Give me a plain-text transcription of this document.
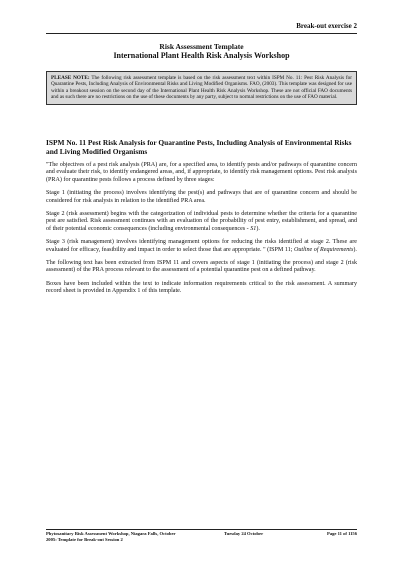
Break-out exercise 2
Risk Assessment Template
International Plant Health Risk Analysis Workshop
PLEASE NOTE: The following risk assessment template is based on the risk assessment text within ISPM No. 11: Pest Risk Analysis for Quarantine Pests, Including Analysis of Environmental Risks and Living Modified Organisms. FAO, (2003). This template was designed for use within a breakout session on the second day of the International Plant Health Risk Analysis Workshop. These are not official FAO documents and as such there are no restrictions on the use of these documents by any party, subject to normal restrictions on the use of FAO material.
ISPM No. 11 Pest Risk Analysis for Quarantine Pests, Including Analysis of Environmental Risks and Living Modified Organisms

"The objectives of a pest risk analysis (PRA) are, for a specified area, to identify pests and/or pathways of quarantine concern and evaluate their risk, to identify endangered areas, and, if appropriate, to identify risk management options. Pest risk analysis (PRA) for quarantine pests follows a process defined by three stages:

Stage 1 (initiating the process) involves identifying the pest(s) and pathways that are of quarantine concern and should be considered for risk analysis in relation to the identified PRA area.

Stage 2 (risk assessment) begins with the categorization of individual pests to determine whether the criteria for a quarantine pest are satisfied. Risk assessment continues with an evaluation of the probability of pest entry, establishment, and spread, and of their potential economic consequences (including environmental consequences - S1).

Stage 3 (risk management) involves identifying management options for reducing the risks identified at stage 2. These are evaluated for efficacy, feasibility and impact in order to select those that are appropriate. " (ISPM 11; Outline of Requirements).

The following text has been extracted from ISPM 11 and covers aspects of stage 1 (initiating the process) and stage 2 (risk assessment) of the PRA process relevant to the assessment of a potential quarantine pest on a defined pathway.

Boxes have been included within the text to indicate information requirements critical to the risk assessment. A summary record sheet is provided in Appendix 1 of this template.

Phytosanitary Risk Assessment Workshop, Niagara Falls, October 2005: Template for Break-out Session 2
Tuesday 24 October	Page 11 of 1156
